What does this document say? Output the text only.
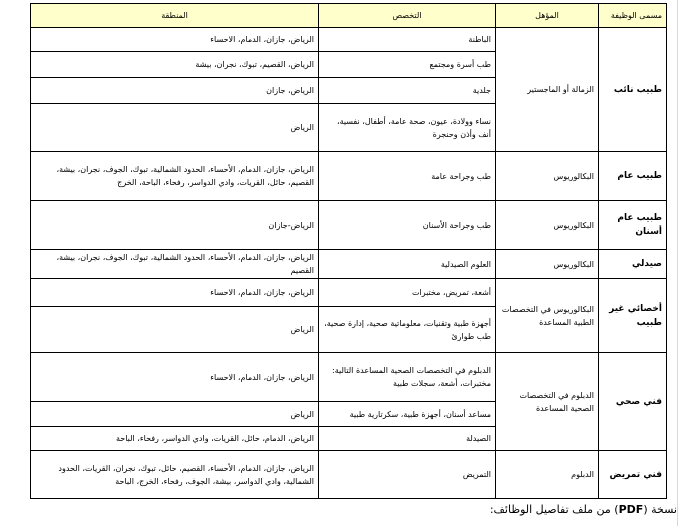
مسمى الوظيفة	المؤهل	التخصص	المنطقة
طبيب نائب	الزمالة أو الماجستير	الباطنة	الرياض، جازان، الدمام، الاحساء
		طب أسرة ومجتمع	الرياض، القصيم، تبوك، نجران، بيشة
		جلدية	الرياض، جازان
		نساء وولادة، عيون، صحة عامة، أطفال، نفسية، أنف وأذن وحنجرة	الرياض
طبيب عام	البكالوريوس	طب وجراحة عامة	الرياض، جازان، الدمام، الأحساء، الحدود الشمالية، تبوك، الجوف، نجران، بيشة، القصيم، حائل، القريات، وادي الدواسر، رفحاء، الباحة، الخرج
طبيب عام أسنان	البكالوريوس	طب وجراحة الأسنان	الرياض-جازان
صيدلي	البكالوريوس	العلوم الصيدلية	الرياض، جازان، الدمام، الأحساء، الحدود الشمالية، تبوك، الجوف، نجران، بيشة، القصيم
أخصائي غير طبيب	البكالوريوس في التخصصات الطبية المساعدة	أشعة، تمريض، مختبرات	الرياض، جازان، الدمام، الاحساء
		أجهزة طبية وتقنيات، معلوماتية صحية، إدارة صحية، طب طوارئ	الرياض
فني صحي	الدبلوم في التخصصات الصحية المساعدة	الدبلوم في التخصصات الصحية المساعدة التالية: مختبرات، أشعة، سجلات طبية	الرياض، جازان، الدمام، الاحساء
		مساعد أسنان، أجهزة طبية، سكرتارية طبية	الرياض
		الصيدلة	الرياض، الدمام، حائل، القريات، وادي الدواسر، رفحاء، الباحة
فني تمريض	الدبلوم	التمريض	الرياض، جازان، الدمام، الأحساء، القصيم، حائل، تبوك، نجران، القريات، الحدود الشمالية، وادي الدواسر، بيشة، الجوف، رفحاء، الخرج، الباحة
نسخة (PDF) من ملف تفاصيل الوظائف:
